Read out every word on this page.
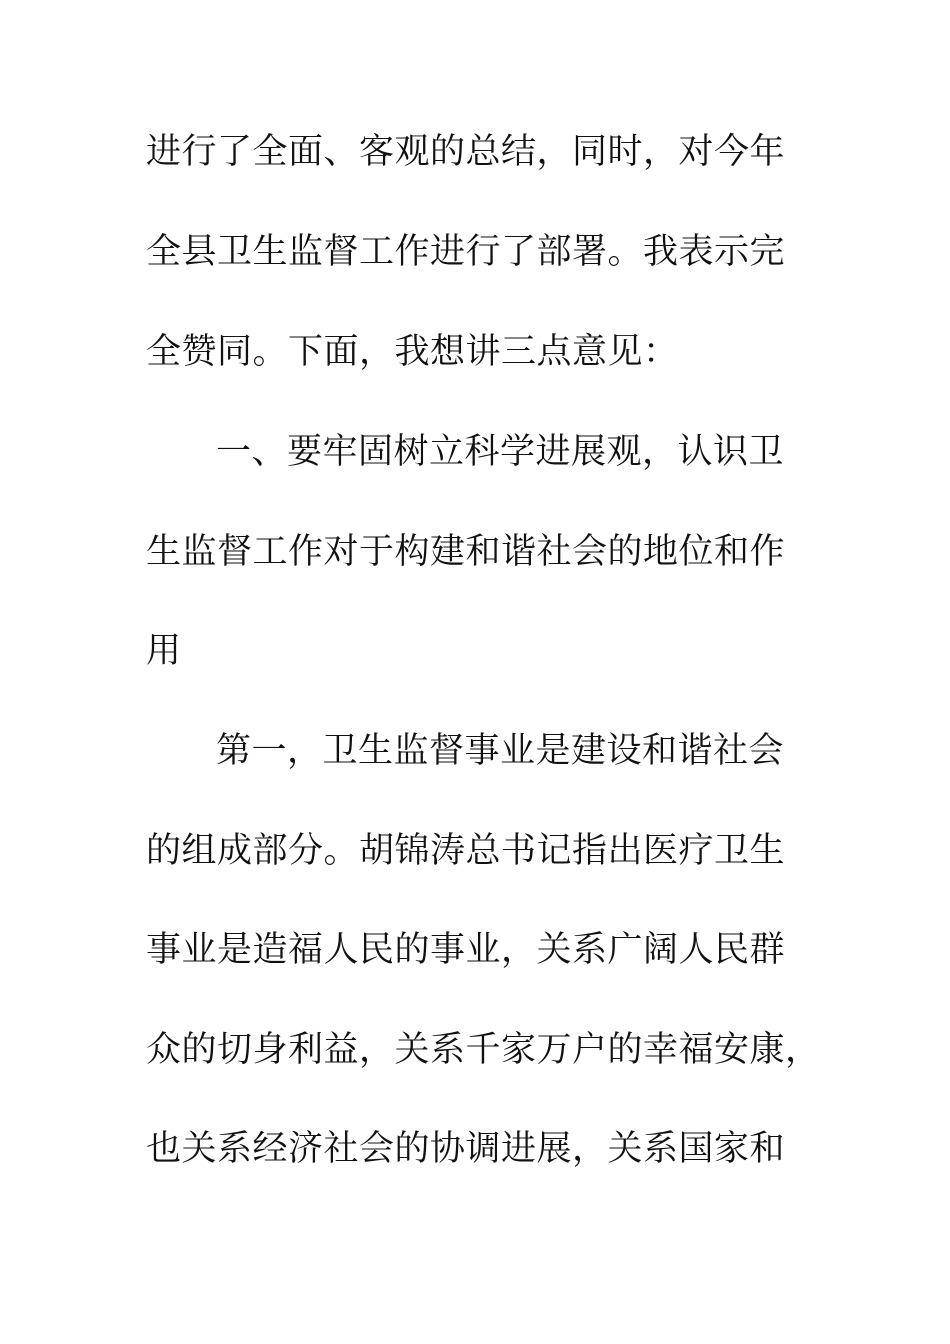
进行了全面、客观的总结，同时，对今年
全县卫生监督工作进行了部署。我表示完
全赞同。下面，我想讲三点意见：
一、要牢固树立科学进展观，认识卫
生监督工作对于构建和谐社会的地位和作
用
第一，卫生监督事业是建设和谐社会
的组成部分。胡锦涛总书记指出医疗卫生
事业是造福人民的事业，关系广阔人民群
众的切身利益，关系千家万户的幸福安康，
也关系经济社会的协调进展，关系国家和
